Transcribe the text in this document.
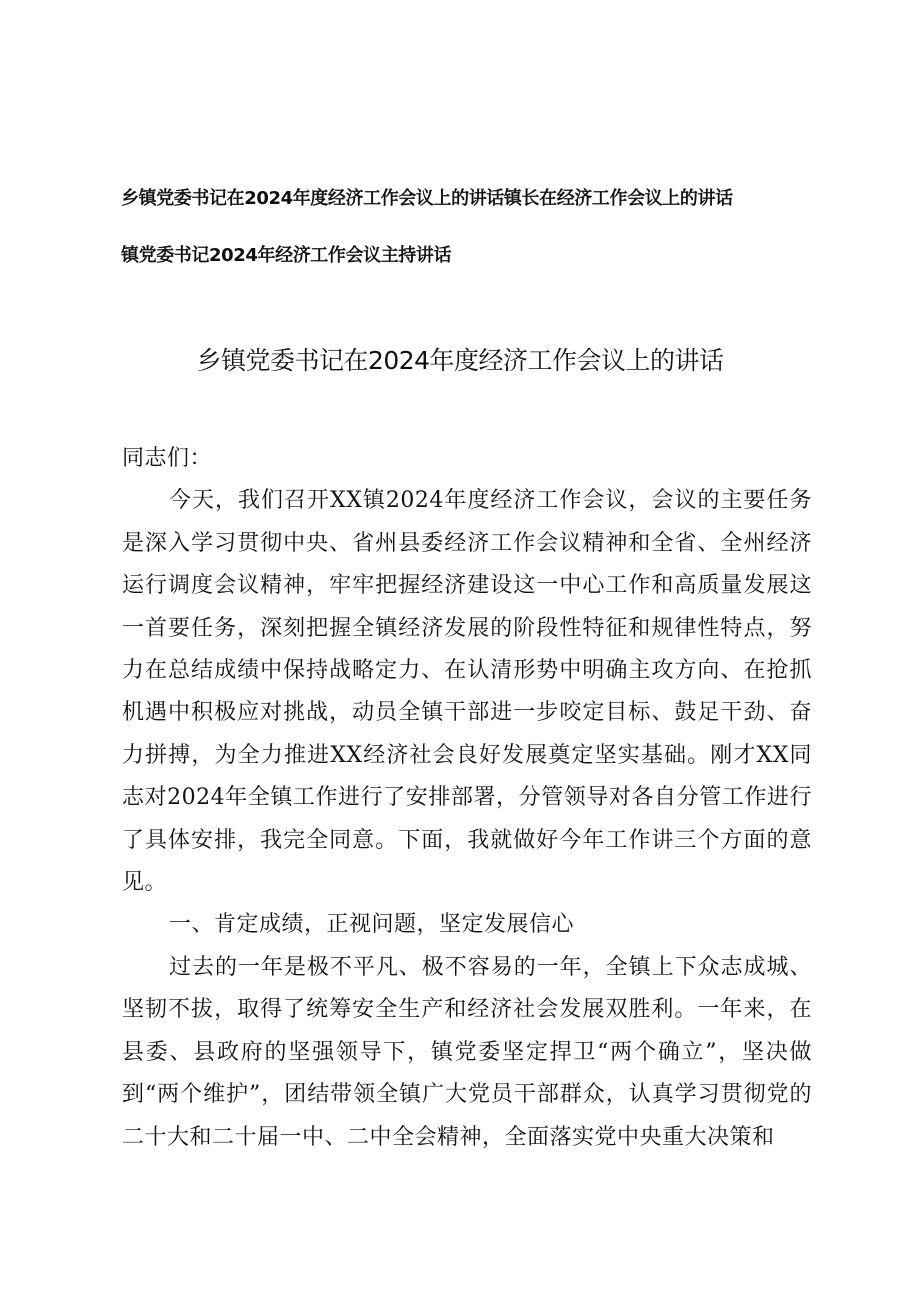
乡镇党委书记在2024年度经济工作会议上的讲话镇长在经济工作会议上的讲话
镇党委书记2024年经济工作会议主持讲话
乡镇党委书记在2024年度经济工作会议上的讲话

同志们：

今天，我们召开XX镇2024年度经济工作会议，会议的主要任务是深入学习贯彻中央、省州县委经济工作会议精神和全省、全州经济运行调度会议精神，牢牢把握经济建设这一中心工作和高质量发展这一首要任务，深刻把握全镇经济发展的阶段性特征和规律性特点，努力在总结成绩中保持战略定力、在认清形势中明确主攻方向、在抢抓机遇中积极应对挑战，动员全镇干部进一步咬定目标、鼓足干劲、奋力拼搏，为全力推进XX经济社会良好发展奠定坚实基础。刚才XX同志对2024年全镇工作进行了安排部署，分管领导对各自分管工作进行了具体安排，我完全同意。下面，我就做好今年工作讲三个方面的意见。

一、肯定成绩，正视问题，坚定发展信心

过去的一年是极不平凡、极不容易的一年，全镇上下众志成城、坚韧不拔，取得了统筹安全生产和经济社会发展双胜利。一年来，在县委、县政府的坚强领导下，镇党委坚定捍卫“两个确立”，坚决做到“两个维护”，团结带领全镇广大党员干部群众，认真学习贯彻党的二十大和二十届一中、二中全会精神，全面落实党中央重大决策和
